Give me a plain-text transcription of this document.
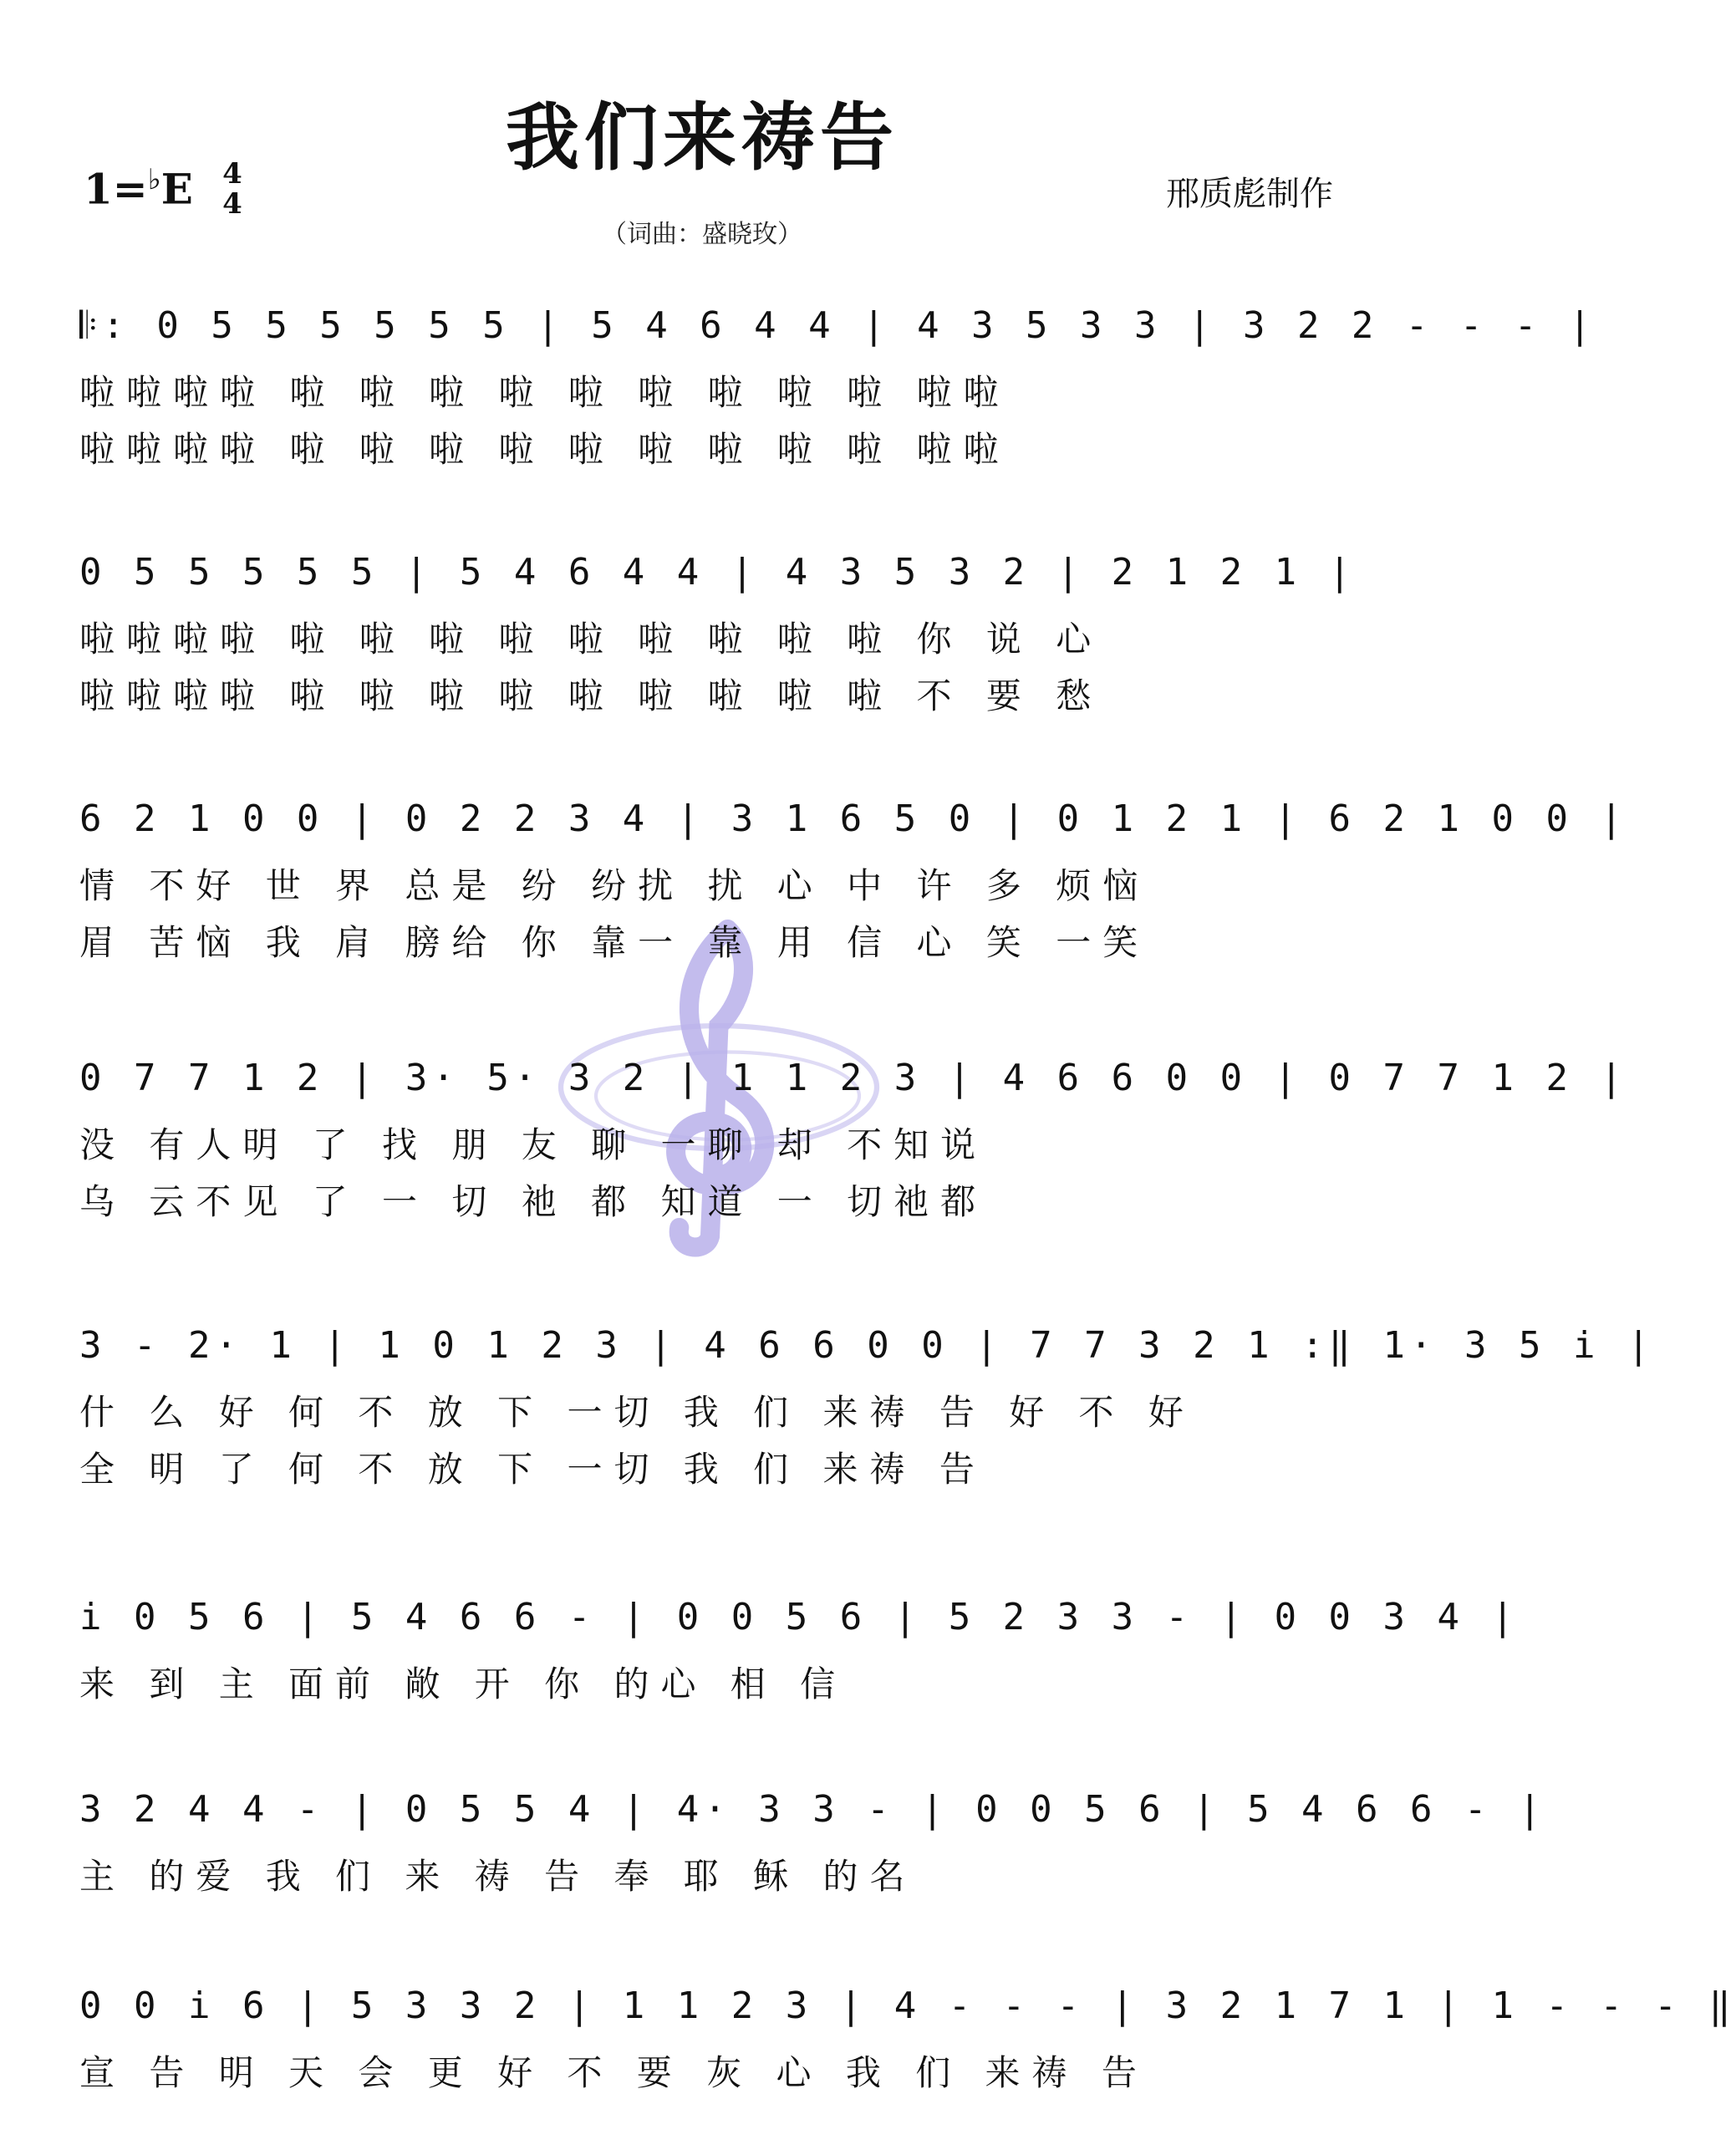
我们来祷告
1=♭E 4
4	邢质彪制作
（词曲：盛晓玫）
𝄆: 0 5 5 5 5 5 5 | 5 4 6 4 4 | 4 3 5 3 3 | 3 2 2 - - - |
啦啦啦啦 啦 啦 啦 啦 啦 啦 啦 啦 啦 啦啦
啦啦啦啦 啦 啦 啦 啦 啦 啦 啦 啦 啦 啦啦
0 5 5 5 5 5 | 5 4 6 4 4 | 4 3 5 3 2 | 2 1 2 1 |
啦啦啦啦 啦 啦 啦 啦 啦 啦 啦 啦 啦 你 说 心
啦啦啦啦 啦 啦 啦 啦 啦 啦 啦 啦 啦 不 要 愁
6 2 1 0 0 | 0 2 2 3 4 | 3 1 6 5 0 | 0 1 2 1 | 6 2 1 0 0 |
情 不好 世 界 总是 纷 纷扰 扰 心 中 许 多 烦恼
眉 苦恼 我 肩 膀给 你 靠一 靠 用 信 心 笑 一笑
0 7 7 1 2 | 3· 5· 3 2 | 1 1 2 3 | 4 6 6 0 0 | 0 7 7 1 2 |
没 有人明 了 找 朋 友 聊 一聊 却 不知说
乌 云不见 了 一 切 祂 都 知道 一 切祂都
3 - 2· 1 | 1 0 1 2 3 | 4 6 6 0 0 | 7 7 3 2 1 :‖ 1· 3 5 i |
什 么 好 何 不 放 下 一切 我 们 来祷 告 好 不 好
全 明 了 何 不 放 下 一切 我 们 来祷 告
i 0 5 6 | 5 4 6 6 - | 0 0 5 6 | 5 2 3 3 - | 0 0 3 4 |
来 到 主 面前 敞 开 你 的心 相 信
3 2 4 4 - | 0 5 5 4 | 4· 3 3 - | 0 0 5 6 | 5 4 6 6 - |
主 的爱 我 们 来 祷 告 奉 耶 稣 的名
0 0 i 6 | 5 3 3 2 | 1 1 2 3 | 4 - - - | 3 2 1 7 1 | 1 - - - ‖
宣 告 明 天 会 更 好 不 要 灰 心 我 们 来祷 告
